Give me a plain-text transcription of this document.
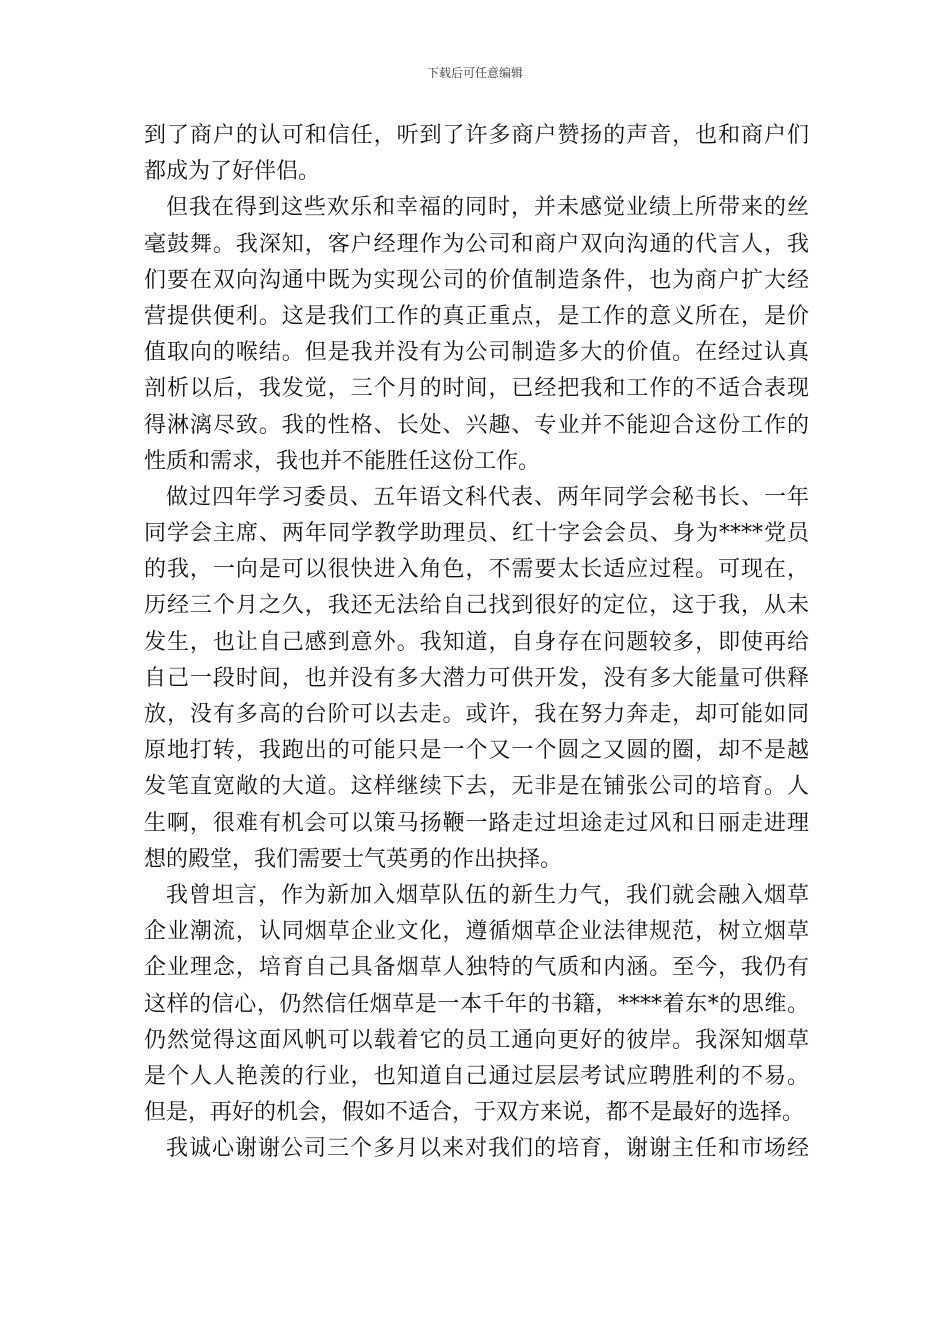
下载后可任意编辑
到了商户的认可和信任，听到了许多商户赞扬的声音，也和商户们
都成为了好伴侣。
但我在得到这些欢乐和幸福的同时，并未感觉业绩上所带来的丝
毫鼓舞。我深知，客户经理作为公司和商户双向沟通的代言人，我
们要在双向沟通中既为实现公司的价值制造条件，也为商户扩大经
营提供便利。这是我们工作的真正重点，是工作的意义所在，是价
值取向的喉结。但是我并没有为公司制造多大的价值。在经过认真
剖析以后，我发觉，三个月的时间，已经把我和工作的不适合表现
得淋漓尽致。我的性格、长处、兴趣、专业并不能迎合这份工作的
性质和需求，我也并不能胜任这份工作。
做过四年学习委员、五年语文科代表、两年同学会秘书长、一年
同学会主席、两年同学教学助理员、红十字会会员、身为****党员
的我，一向是可以很快进入角色，不需要太长适应过程。可现在，
历经三个月之久，我还无法给自己找到很好的定位，这于我，从未
发生，也让自己感到意外。我知道，自身存在问题较多，即使再给
自己一段时间，也并没有多大潜力可供开发，没有多大能量可供释
放，没有多高的台阶可以去走。或许，我在努力奔走，却可能如同
原地打转，我跑出的可能只是一个又一个圆之又圆的圈，却不是越
发笔直宽敞的大道。这样继续下去，无非是在铺张公司的培育。人
生啊，很难有机会可以策马扬鞭一路走过坦途走过风和日丽走进理
想的殿堂，我们需要士气英勇的作出抉择。
我曾坦言，作为新加入烟草队伍的新生力气，我们就会融入烟草
企业潮流，认同烟草企业文化，遵循烟草企业法律规范，树立烟草
企业理念，培育自己具备烟草人独特的气质和内涵。至今，我仍有
这样的信心，仍然信任烟草是一本千年的书籍，****着东*的思维。
仍然觉得这面风帆可以载着它的员工通向更好的彼岸。我深知烟草
是个人人艳羡的行业，也知道自己通过层层考试应聘胜利的不易。
但是，再好的机会，假如不适合，于双方来说，都不是最好的选择。
我诚心谢谢公司三个多月以来对我们的培育，谢谢主任和市场经
